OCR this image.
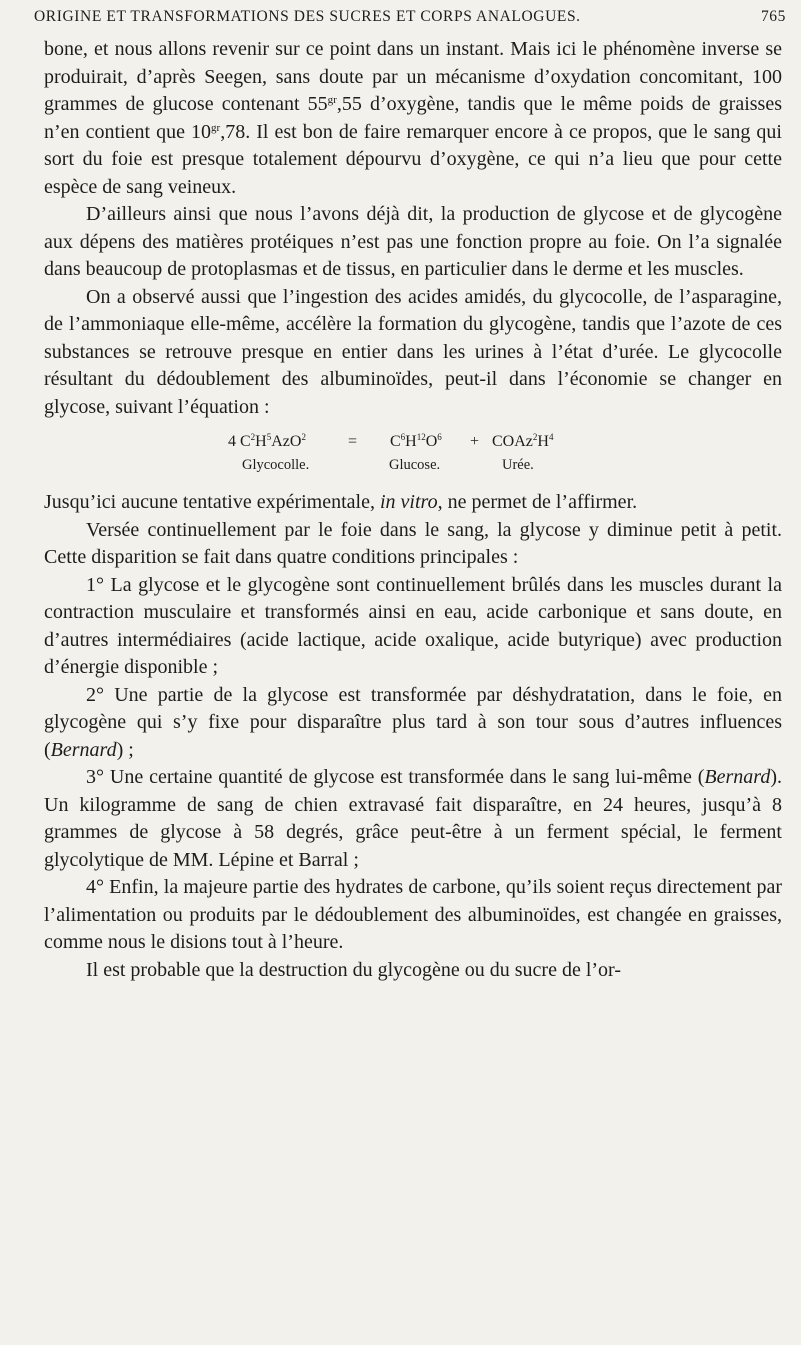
ORIGINE ET TRANSFORMATIONS DES SUCRES ET CORPS ANALOGUES.	765

bone, et nous allons revenir sur ce point dans un instant. Mais ici le phénomène inverse se produirait, d’après Seegen, sans doute par un mécanisme d’oxydation concomitant, 100 grammes de glucose contenant $55^{gr},55$ d’oxygène, tandis que le même poids de graisses n’en contient que $10^{gr},78$. Il est bon de faire remarquer encore à ce propos, que le sang qui sort du foie est presque totalement dépourvu d’oxygène, ce qui n’a lieu que pour cette espèce de sang veineux.

D’ailleurs ainsi que nous l’avons déjà dit, la production de glycose et de glycogène aux dépens des matières protéiques n’est pas une fonction propre au foie. On l’a signalée dans beaucoup de protoplasmas et de tissus, en particulier dans le derme et les muscles.

On a observé aussi que l’ingestion des acides amidés, du glycocolle, de l’asparagine, de l’ammoniaque elle-même, accélère la formation du glycogène, tandis que l’azote de ces substances se retrouve presque en entier dans les urines à l’état d’urée. Le glycocolle résultant du dédoublement des albuminoïdes, peut-il dans l’économie se changer en glycose, suivant l’équation :

4 $C^2H^5AzO^2$	= $C^6H^{12}O^6$ + $COAz^2H^4$
Glycocolle.	Glucose.	Urée.

Jusqu’ici aucune tentative expérimentale, in vitro, ne permet de l’affirmer.

Versée continuellement par le foie dans le sang, la glycose y diminue petit à petit. Cette disparition se fait dans quatre conditions principales :

1° La glycose et le glycogène sont continuellement brûlés dans les muscles durant la contraction musculaire et transformés ainsi en eau, acide carbonique et sans doute, en d’autres intermédiaires (acide lactique, acide oxalique, acide butyrique) avec production d’énergie disponible ;

2° Une partie de la glycose est transformée par déshydratation, dans le foie, en glycogène qui s’y fixe pour disparaître plus tard à son tour sous d’autres influences (Bernard) ;

3° Une certaine quantité de glycose est transformée dans le sang lui-même (Bernard). Un kilogramme de sang de chien extravasé fait disparaître, en 24 heures, jusqu’à 8 grammes de glycose à 58 degrés, grâce peut-être à un ferment spécial, le ferment glycolytique de MM. Lépine et Barral ;

4° Enfin, la majeure partie des hydrates de carbone, qu’ils soient reçus directement par l’alimentation ou produits par le dédoublement des albuminoïdes, est changée en graisses, comme nous le disions tout à l’heure.

Il est probable que la destruction du glycogène ou du sucre de l’or-
